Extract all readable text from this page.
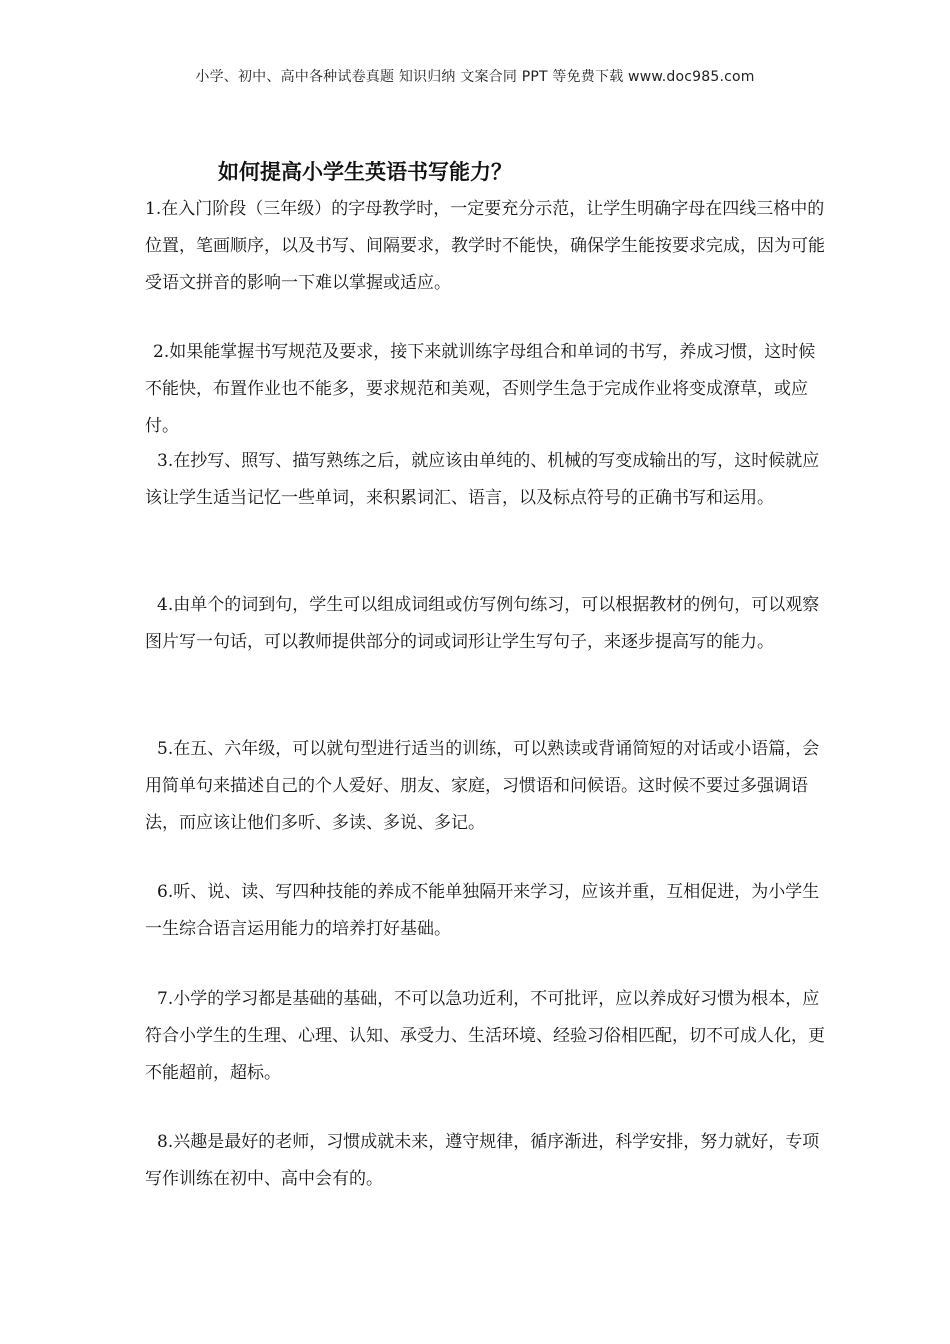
小学、初中、高中各种试卷真题 知识归纳 文案合同 PPT 等免费下载 www.doc985.com
如何提高小学生英语书写能力？

1.在入门阶段（三年级）的字母教学时，一定要充分示范，让学生明确字母在四线三格中的位置，笔画顺序，以及书写、间隔要求，教学时不能快，确保学生能按要求完成，因为可能受语文拼音的影响一下难以掌握或适应。

2.如果能掌握书写规范及要求，接下来就训练字母组合和单词的书写，养成习惯，这时候不能快，布置作业也不能多，要求规范和美观，否则学生急于完成作业将变成潦草，或应付。

3.在抄写、照写、描写熟练之后，就应该由单纯的、机械的写变成输出的写，这时候就应该让学生适当记忆一些单词，来积累词汇、语言，以及标点符号的正确书写和运用。

4.由单个的词到句，学生可以组成词组或仿写例句练习，可以根据教材的例句，可以观察图片写一句话，可以教师提供部分的词或词形让学生写句子，来逐步提高写的能力。

5.在五、六年级，可以就句型进行适当的训练，可以熟读或背诵简短的对话或小语篇，会用简单句来描述自己的个人爱好、朋友、家庭，习惯语和问候语。这时候不要过多强调语法，而应该让他们多听、多读、多说、多记。

6.听、说、读、写四种技能的养成不能单独隔开来学习，应该并重，互相促进，为小学生一生综合语言运用能力的培养打好基础。

7.小学的学习都是基础的基础，不可以急功近利，不可批评，应以养成好习惯为根本，应符合小学生的生理、心理、认知、承受力、生活环境、经验习俗相匹配，切不可成人化，更不能超前，超标。

8.兴趣是最好的老师，习惯成就未来，遵守规律，循序渐进，科学安排，努力就好，专项写作训练在初中、高中会有的。
